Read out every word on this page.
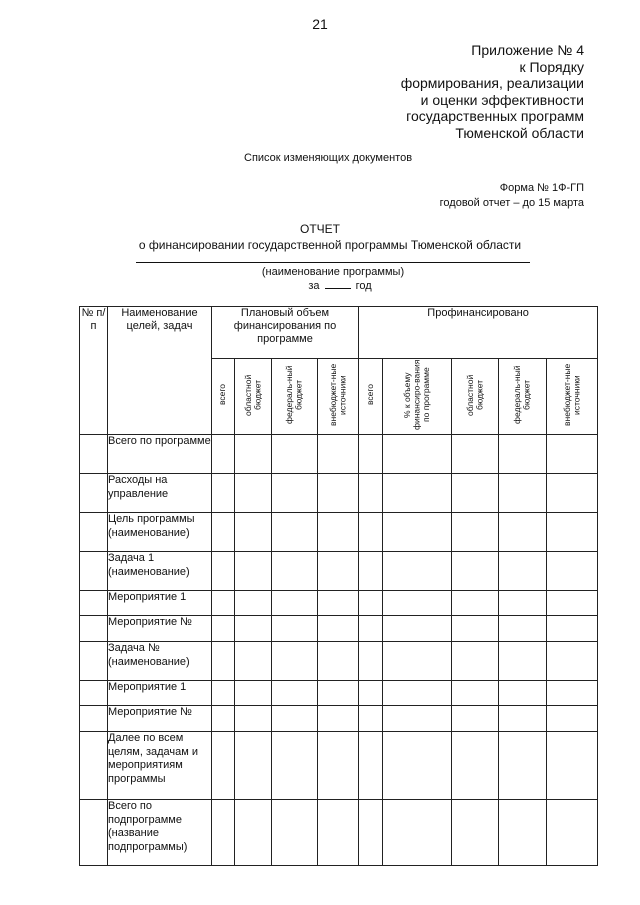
21
Приложение № 4
к Порядку
формирования, реализации
и оценки эффективности
государственных программ
Тюменской области
Список изменяющих документов
Форма № 1Ф-ГП
годовой отчет – до 15 марта
ОТЧЕТ
о финансировании государственной программы Тюменской области
(наименование программы)
за	год
№ п/п	Наименование целей, задач	Плановый объем финансирования по программе				Профинансировано				
		всего	областной бюджет	федераль-ный бюджет	внебюджет-ные источники	всего	% к объему финансиро-вания по программе	областной бюджет	федераль-ный бюджет	внебюджет-ные источники
	Всего по программе									
	Расходы на управление									
	Цель программы (наименование)									
	Задача 1 (наименование)									
	Мероприятие 1									
	Мероприятие №									
	Задача № (наименование)									
	Мероприятие 1									
	Мероприятие №									
	Далее по всем целям, задачам и мероприятиям программы									
	Всего по подпрограмме (название подпрограммы)									
